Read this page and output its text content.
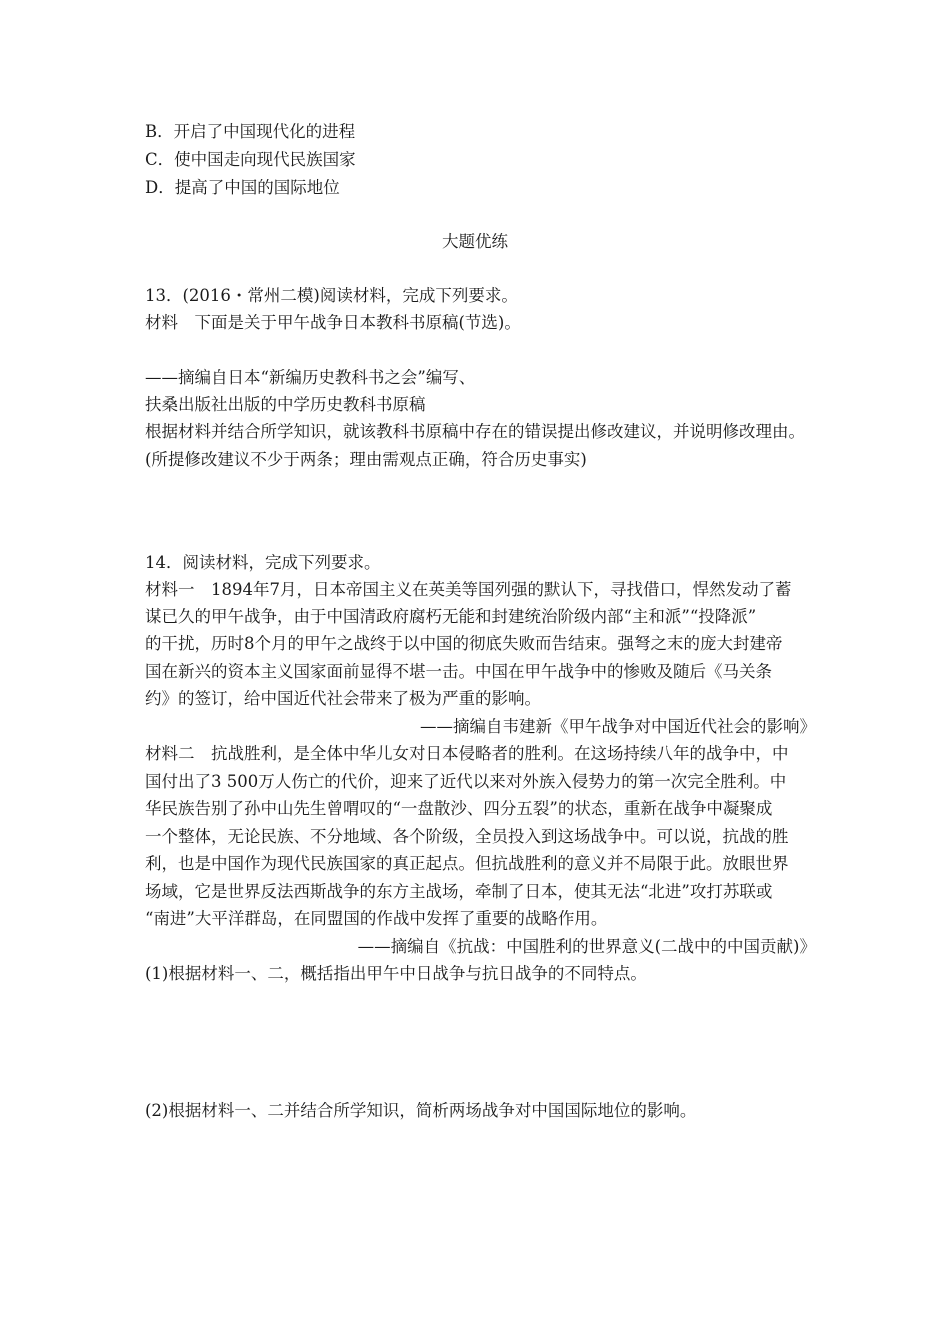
B．开启了中国现代化的进程
C．使中国走向现代民族国家
D．提高了中国的国际地位
大题优练
13．(2016・常州二模)阅读材料，完成下列要求。
材料　下面是关于甲午战争日本教科书原稿(节选)。
——摘编自日本“新编历史教科书之会”编写、
扶桑出版社出版的中学历史教科书原稿
根据材料并结合所学知识，就该教科书原稿中存在的错误提出修改建议，并说明修改理由。
(所提修改建议不少于两条；理由需观点正确，符合历史事实)
14．阅读材料，完成下列要求。
材料一　1894年7月，日本帝国主义在英美等国列强的默认下，寻找借口，悍然发动了蓄
谋已久的甲午战争，由于中国清政府腐朽无能和封建统治阶级内部“主和派”“投降派”
的干扰，历时8个月的甲午之战终于以中国的彻底失败而告结束。强弩之末的庞大封建帝
国在新兴的资本主义国家面前显得不堪一击。中国在甲午战争中的惨败及随后《马关条
约》的签订，给中国近代社会带来了极为严重的影响。
——摘编自韦建新《甲午战争对中国近代社会的影响》
材料二　抗战胜利，是全体中华儿女对日本侵略者的胜利。在这场持续八年的战争中，中
国付出了3 500万人伤亡的代价，迎来了近代以来对外族入侵势力的第一次完全胜利。中
华民族告别了孙中山先生曾喟叹的“一盘散沙、四分五裂”的状态，重新在战争中凝聚成
一个整体，无论民族、不分地域、各个阶级，全员投入到这场战争中。可以说，抗战的胜
利，也是中国作为现代民族国家的真正起点。但抗战胜利的意义并不局限于此。放眼世界
场域，它是世界反法西斯战争的东方主战场，牵制了日本，使其无法“北进”攻打苏联或
“南进”大平洋群岛，在同盟国的作战中发挥了重要的战略作用。
——摘编自《抗战：中国胜利的世界意义(二战中的中国贡献)》
(1)根据材料一、二，概括指出甲午中日战争与抗日战争的不同特点。
(2)根据材料一、二并结合所学知识，简析两场战争对中国国际地位的影响。
